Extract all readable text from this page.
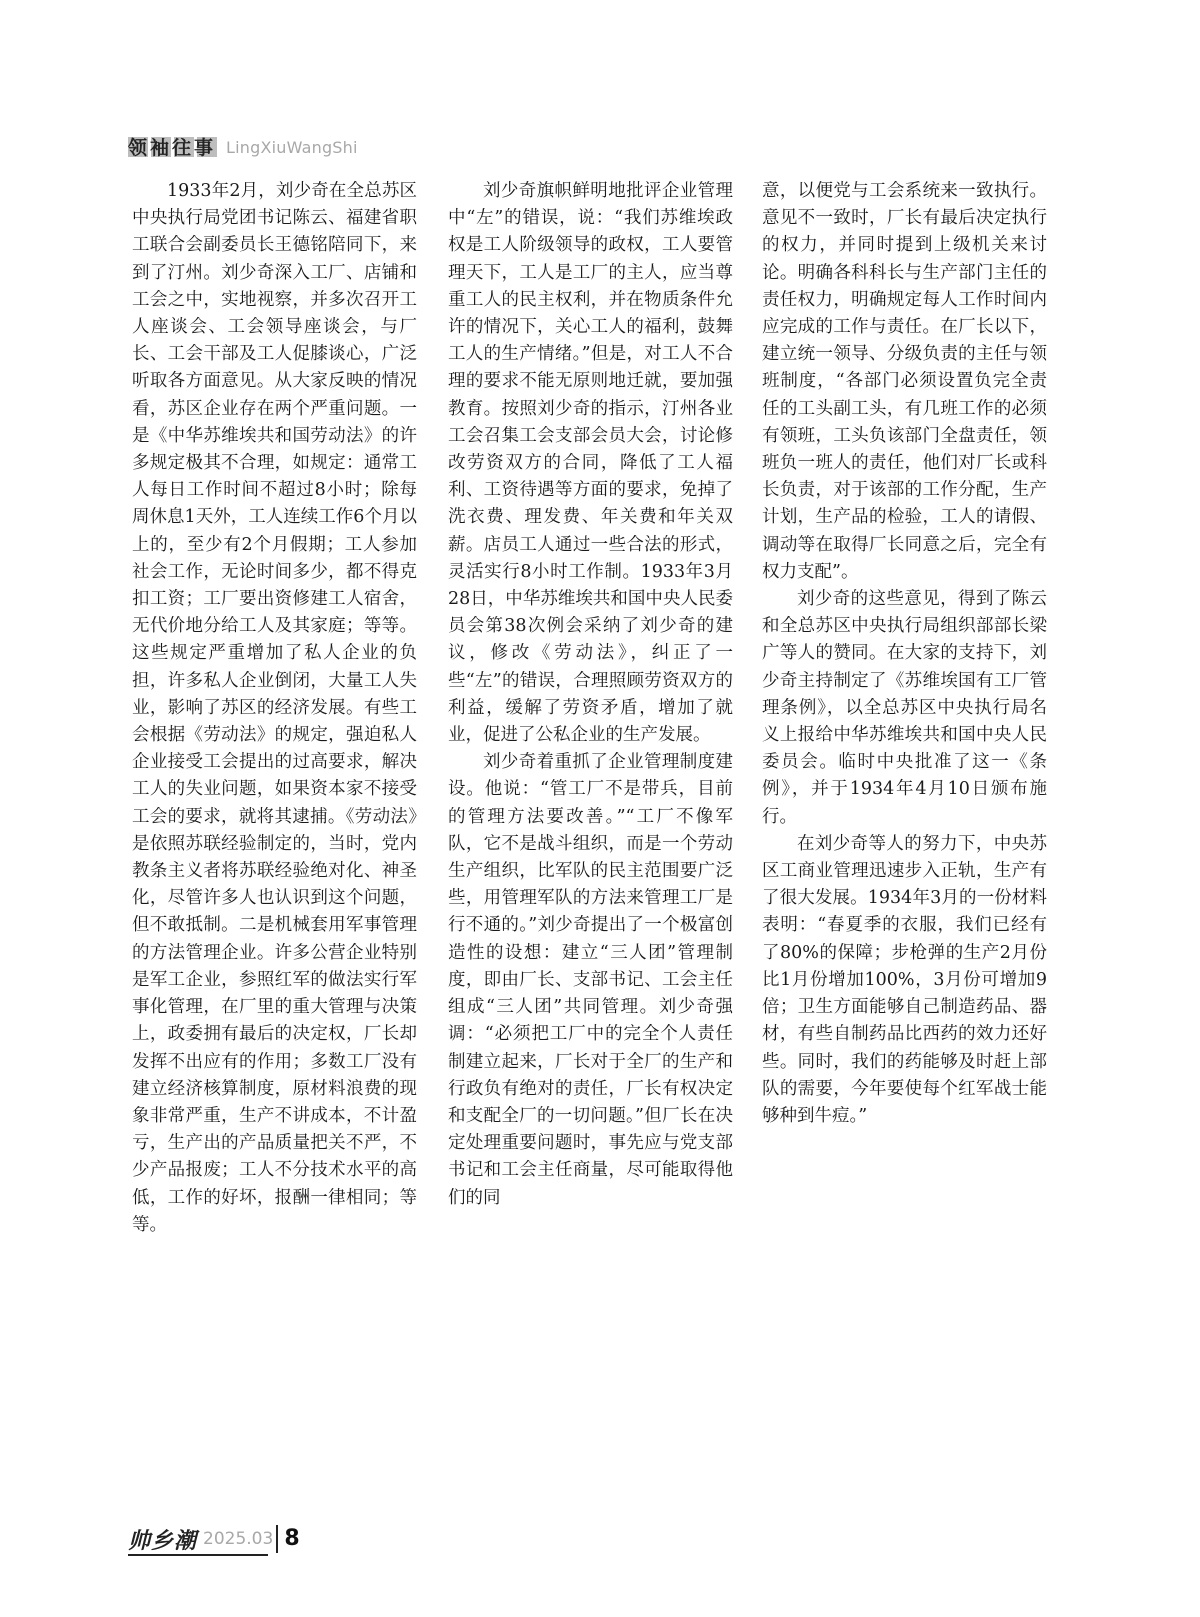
领袖往事 LingXiuWangShi

1933年2月，刘少奇在全总苏区中央执行局党团书记陈云、福建省职工联合会副委员长王德铭陪同下，来到了汀州。刘少奇深入工厂、店铺和工会之中，实地视察，并多次召开工人座谈会、工会领导座谈会，与厂长、工会干部及工人促膝谈心，广泛听取各方面意见。从大家反映的情况看，苏区企业存在两个严重问题。一是《中华苏维埃共和国劳动法》的许多规定极其不合理，如规定：通常工人每日工作时间不超过8小时；除每周休息1天外，工人连续工作6个月以上的，至少有2个月假期；工人参加社会工作，无论时间多少，都不得克扣工资；工厂要出资修建工人宿舍，无代价地分给工人及其家庭；等等。这些规定严重增加了私人企业的负担，许多私人企业倒闭，大量工人失业，影响了苏区的经济发展。有些工会根据《劳动法》的规定，强迫私人企业接受工会提出的过高要求，解决工人的失业问题，如果资本家不接受工会的要求，就将其逮捕。《劳动法》是依照苏联经验制定的，当时，党内教条主义者将苏联经验绝对化、神圣化，尽管许多人也认识到这个问题，但不敢抵制。二是机械套用军事管理的方法管理企业。许多公营企业特别是军工企业，参照红军的做法实行军事化管理，在厂里的重大管理与决策上，政委拥有最后的决定权，厂长却发挥不出应有的作用；多数工厂没有建立经济核算制度，原材料浪费的现象非常严重，生产不讲成本，不计盈亏，生产出的产品质量把关不严，不少产品报废；工人不分技术水平的高低，工作的好坏，报酬一律相同；等等。

刘少奇旗帜鲜明地批评企业管理中“左”的错误，说：“我们苏维埃政权是工人阶级领导的政权，工人要管理天下，工人是工厂的主人，应当尊重工人的民主权利，并在物质条件允许的情况下，关心工人的福利，鼓舞工人的生产情绪。”但是，对工人不合理的要求不能无原则地迁就，要加强教育。按照刘少奇的指示，汀州各业工会召集工会支部会员大会，讨论修改劳资双方的合同，降低了工人福利、工资待遇等方面的要求，免掉了洗衣费、理发费、年关费和年关双薪。店员工人通过一些合法的形式，灵活实行8小时工作制。1933年3月28日，中华苏维埃共和国中央人民委员会第38次例会采纳了刘少奇的建议，修改《劳动法》，纠正了一些“左”的错误，合理照顾劳资双方的利益，缓解了劳资矛盾，增加了就业，促进了公私企业的生产发展。

刘少奇着重抓了企业管理制度建设。他说：“管工厂不是带兵，目前的管理方法要改善。”“工厂不像军队，它不是战斗组织，而是一个劳动生产组织，比军队的民主范围要广泛些，用管理军队的方法来管理工厂是行不通的。”刘少奇提出了一个极富创造性的设想：建立“三人团”管理制度，即由厂长、支部书记、工会主任组成“三人团”共同管理。刘少奇强调：“必须把工厂中的完全个人责任制建立起来，厂长对于全厂的生产和行政负有绝对的责任，厂长有权决定和支配全厂的一切问题。”但厂长在决定处理重要问题时，事先应与党支部书记和工会主任商量，尽可能取得他们的同

意，以便党与工会系统来一致执行。意见不一致时，厂长有最后决定执行的权力，并同时提到上级机关来讨论。明确各科科长与生产部门主任的责任权力，明确规定每人工作时间内应完成的工作与责任。在厂长以下，建立统一领导、分级负责的主任与领班制度，“各部门必须设置负完全责任的工头副工头，有几班工作的必须有领班，工头负该部门全盘责任，领班负一班人的责任，他们对厂长或科长负责，对于该部的工作分配，生产计划，生产品的检验，工人的请假、调动等在取得厂长同意之后，完全有权力支配”。

刘少奇的这些意见，得到了陈云和全总苏区中央执行局组织部部长梁广等人的赞同。在大家的支持下，刘少奇主持制定了《苏维埃国有工厂管理条例》，以全总苏区中央执行局名义上报给中华苏维埃共和国中央人民委员会。临时中央批准了这一《条例》，并于1934年4月10日颁布施行。

在刘少奇等人的努力下，中央苏区工商业管理迅速步入正轨，生产有了很大发展。1934年3月的一份材料表明：“春夏季的衣服，我们已经有了80%的保障；步枪弹的生产2月份比1月份增加100%，3月份可增加9倍；卫生方面能够自己制造药品、器材，有些自制药品比西药的效力还好些。同时，我们的药能够及时赶上部队的需要，今年要使每个红军战士能够种到牛痘。”

帅乡潮 2025.03 8
